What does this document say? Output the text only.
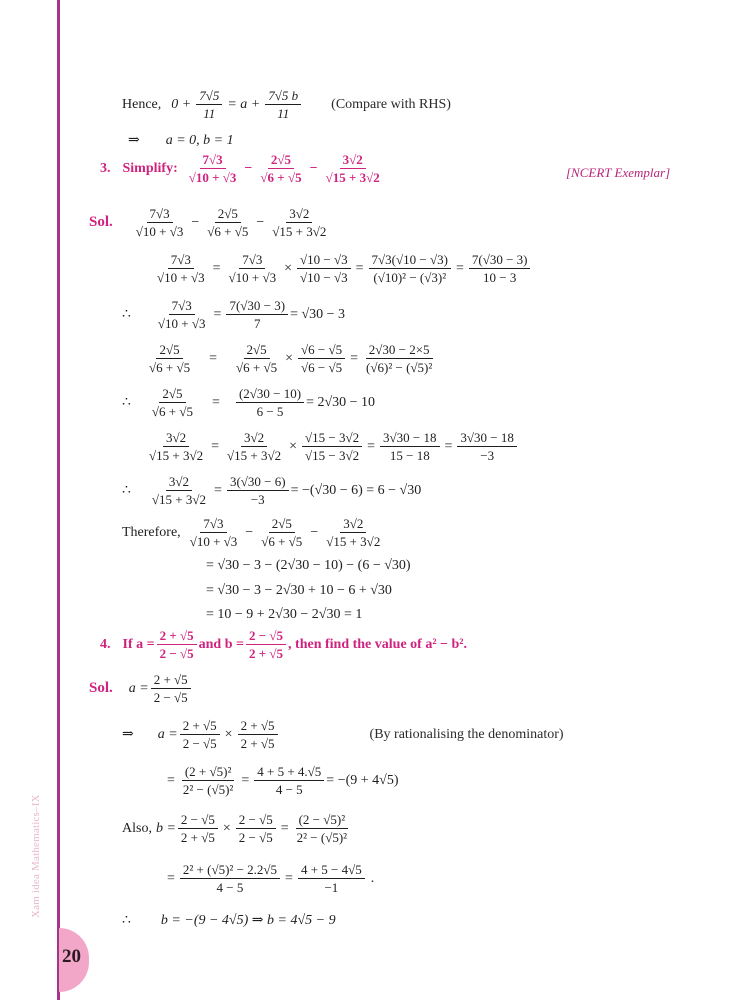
Xam idea Mathematics–IX
20
Hence, $0 + \frac{7√5}{11} = a + \frac{7√5 b}{11}$ (Compare with RHS)
⇒ a = 0, b = 1
3. Simplify: $\frac{7√3}{√10 + √3} - \frac{2√5}{√6 + √5} - \frac{3√2}{√15 + 3√2}$	[NCERT Exemplar]
Sol. $\frac{7√3}{√10 + √3} - \frac{2√5}{√6 + √5} - \frac{3√2}{√15 + 3√2}$
$\frac{7√3}{√10 + √3} = \frac{7√3}{√10 + √3} \times \frac{√10 - √3}{√10 - √3} = \frac{7√3(√10 - √3)}{\text{(√10)² − (√3)²}} = \frac{7(√30 - 3)}{10 - 3}$
∴ $\frac{7√3}{√10 + √3} = \frac{7(√30 - 3)}{7} = √30 - 3$
$\frac{2√5}{√6 + √5} = \frac{2√5}{√6 + √5} \times \frac{√6 - √5}{√6 - √5} = \frac{2√30 - 2\times 5}{\text{(√6)² − (√5)²}}$
∴ $\frac{2√5}{√6 + √5} = \frac{(2√30 - 10)}{6 - 5} = 2√30 - 10$
$\frac{3√2}{√15 + 3√2} = \frac{3√2}{√15 + 3√2} \times \frac{√15 - 3√2}{√15 - 3√2} = \frac{3√30 - 18}{15 - 18} = \frac{3√30 - 18}{-3}$
∴ $\frac{3√2}{√15 + 3√2} = \frac{3(√30 - 6)}{-3} = -(√30 - 6) = 6 - √30$
Therefore, $\frac{7√3}{√10 + √3} - \frac{2√5}{√6 + √5} - \frac{3√2}{√15 + 3√2}$
= √30 − 3 − (2√30 − 10) − (6 − √30)
= √30 − 3 − 2√30 + 10 − 6 + √30
= 10 − 9 + 2√30 − 2√30 = 1
4. If $a = \frac{2 + √5}{2 - √5}$ and $b = \frac{2 - √5}{2 + √5}$ , then find the value of a² − b².
Sol. $a = \frac{2 + √5}{2 - √5}$
⇒ $a = \frac{2 + √5}{2 - √5} \times \frac{2 + √5}{2 + √5}$	(By rationalising the denominator)
= $\frac{\text{(2 + √5)²}}{\text{2² − (√5)²}} = \frac{4 + 5 + 4.√5}{4 - 5} = -(9 + 4√5)$
Also, $b = \frac{2 - √5}{2 + √5} \times \frac{2 - √5}{2 - √5} = \frac{\text{(2 − √5)²}}{\text{2² − (√5)²}}$
= $\frac{\text{2² + (√5)² − 2.2√5}}{4 - 5} = \frac{4 + 5 - 4√5}{-1}$ .
∴ b = −(9 − 4√5) ⇒ b = 4√5 − 9
